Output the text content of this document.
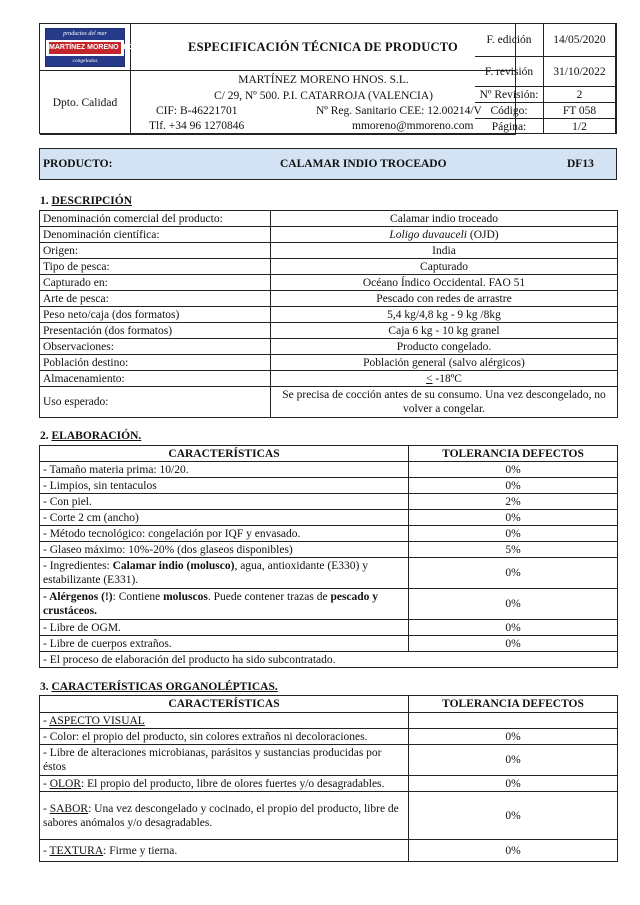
productos del mar
MARTÍNEZ MORENO H.OS
congelados
ESPECIFICACIÓN TÉCNICA DE PRODUCTO
Dpto. Calidad
MARTÍNEZ MORENO HNOS. S.L.
C/ 29, Nº 500. P.I. CATARROJA (VALENCIA)
CIF: B-46221701	Nº Reg. Sanitario CEE: 12.00214/V
Tlf. +34 96 1270846	mmoreno@mmoreno.com
F. edición	14/05/2020
F. revisión	31/10/2022
Nº Revisión:	2
Código:	FT 058
Página:	1/2
PRODUCTO:	CALAMAR INDIO TROCEADO	DF13
1. DESCRIPCIÓN
Denominación comercial del producto:	Calamar indio troceado
Denominación científica:	Loligo duvauceli (OJD)
Origen:	India
Tipo de pesca:	Capturado
Capturado en:	Océano Índico Occidental. FAO 51
Arte de pesca:	Pescado con redes de arrastre
Peso neto/caja (dos formatos)	5,4 kg/4,8 kg - 9 kg /8kg
Presentación (dos formatos)	Caja 6 kg - 10 kg granel
Observaciones:	Producto congelado.
Población destino:	Población general (salvo alérgicos)
Almacenamiento:	< -18ºC
Uso esperado:	Se precisa de cocción antes de su consumo. Una vez descongelado, no volver a congelar.
2. ELABORACIÓN.
CARACTERÍSTICAS	TOLERANCIA DEFECTOS
- Tamaño materia prima: 10/20.	0%
- Limpios, sin tentaculos	0%
- Con piel.	2%
- Corte 2 cm (ancho)	0%
- Método tecnológico: congelación por IQF y envasado.	0%
- Glaseo máximo: 10%-20% (dos glaseos disponibles)	5%
- Ingredientes: Calamar indio (molusco), agua, antioxidante (E330) y estabilizante (E331).	0%
- Alérgenos (!): Contiene moluscos. Puede contener trazas de pescado y crustáceos.	0%
- Libre de OGM.	0%
- Libre de cuerpos extraños.	0%
- El proceso de elaboración del producto ha sido subcontratado.	
3. CARACTERÍSTICAS ORGANOLÉPTICAS.
CARACTERÍSTICAS	TOLERANCIA DEFECTOS
- ASPECTO VISUAL	
- Color: el propio del producto, sin colores extraños ni decoloraciones.	0%
- Libre de alteraciones microbianas, parásitos y sustancias producidas por éstos	0%
- OLOR: El propio del producto, libre de olores fuertes y/o desagradables.	0%
- SABOR: Una vez descongelado y cocinado, el propio del producto, libre de sabores anómalos y/o desagradables.	0%
- TEXTURA: Firme y tierna.	0%
